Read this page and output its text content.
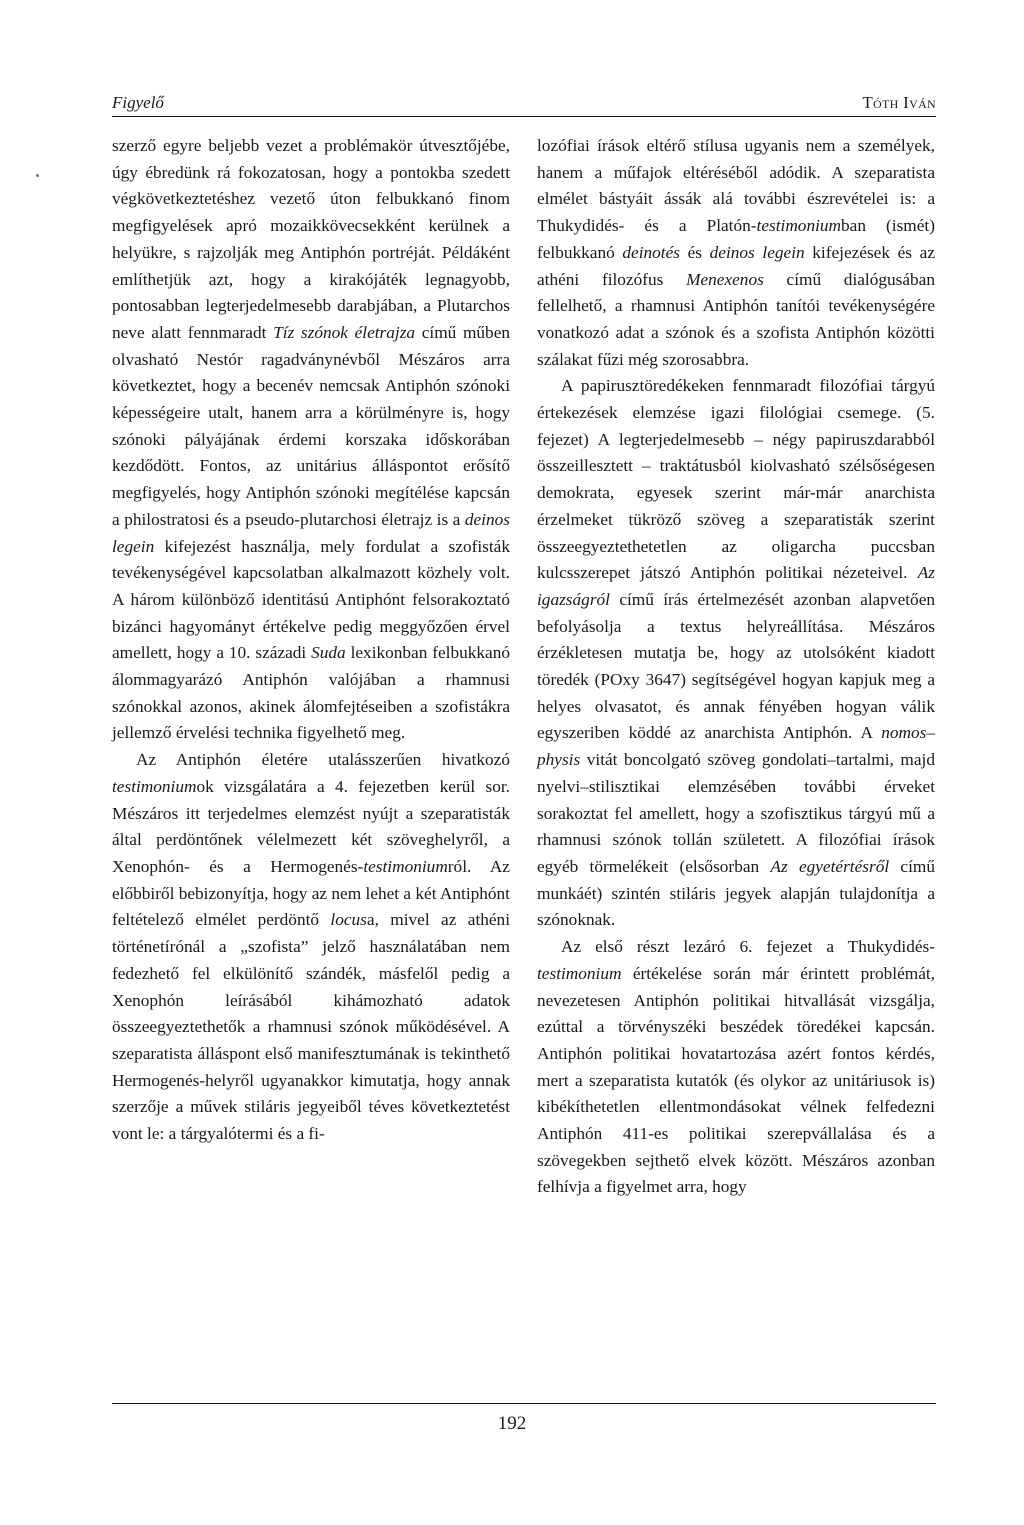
Figyelő	Tóth Iván

szerző egyre beljebb vezet a problémakör útvesztőjébe, úgy ébredünk rá fokozatosan, hogy a pontokba szedett végkövetkeztetéshez vezető úton felbukkanó finom megfigyelések apró mozaikkövecsekként kerülnek a helyükre, s rajzolják meg Antiphón portréját. Példáként említhetjük azt, hogy a kirakójáték legnagyobb, pontosabban legterjedelmesebb darabjában, a Plutarchos neve alatt fennmaradt Tíz szónok életrajza című műben olvasható Nestór ragadványnévből Mészáros arra következtet, hogy a becenév nemcsak Antiphón szónoki képességeire utalt, hanem arra a körülményre is, hogy szónoki pályájának érdemi korszaka időskorában kezdődött. Fontos, az unitárius álláspontot erősítő megfigyelés, hogy Antiphón szónoki megítélése kapcsán a philostratosi és a pseudo-plutarchosi életrajz is a deinos legein kifejezést használja, mely fordulat a szofisták tevékenységével kapcsolatban alkalmazott közhely volt. A három különböző identitású Antiphónt felsorakoztató bizánci hagyományt értékelve pedig meggyőzően érvel amellett, hogy a 10. századi Suda lexikonban felbukkanó álommagyarázó Antiphón valójában a rhamnusi szónokkal azonos, akinek álomfejtéseiben a szofistákra jellemző érvelési technika figyelhető meg.

Az Antiphón életére utalásszerűen hivatkozó testimoniumok vizsgálatára a 4. fejezetben kerül sor. Mészáros itt terjedelmes elemzést nyújt a szeparatisták által perdöntőnek vélelmezett két szöveghelyről, a Xenophón- és a Hermogenés-testimoniumról. Az előbbiről bebizonyítja, hogy az nem lehet a két Antiphónt feltételező elmélet perdöntő locusa, mivel az athéni történetírónál a „szofista” jelző használatában nem fedezhető fel elkülönítő szándék, másfelől pedig a Xenophón leírásából kihámozható adatok összeegyeztethetők a rhamnusi szónok működésével. A szeparatista álláspont első manifesztumának is tekinthető Hermogenés-helyről ugyanakkor kimutatja, hogy annak szerzője a művek stiláris jegyeiből téves következtetést vont le: a tárgyalótermi és a fi-

lozófiai írások eltérő stílusa ugyanis nem a személyek, hanem a műfajok eltéréséből adódik. A szeparatista elmélet bástyáit ássák alá további észrevételei is: a Thukydidés- és a Platón-testimoniumban (ismét) felbukkanó deinotés és deinos legein kifejezések és az athéni filozófus Menexenos című dialógusában fellelhető, a rhamnusi Antiphón tanítói tevékenységére vonatkozó adat a szónok és a szofista Antiphón közötti szálakat fűzi még szorosabbra.

A papirusztöredékeken fennmaradt filozófiai tárgyú értekezések elemzése igazi filológiai csemege. (5. fejezet) A legterjedelmesebb – négy papiruszdarabból összeillesztett – traktátusból kiolvasható szélsőségesen demokrata, egyesek szerint már-már anarchista érzelmeket tükröző szöveg a szeparatisták szerint összeegyeztethetetlen az oligarcha puccsban kulcsszerepet játszó Antiphón politikai nézeteivel. Az igazságról című írás értelmezését azonban alapvetően befolyásolja a textus helyreállítása. Mészáros érzékletesen mutatja be, hogy az utolsóként kiadott töredék (POxy 3647) segítségével hogyan kapjuk meg a helyes olvasatot, és annak fényében hogyan válik egyszeriben köddé az anarchista Antiphón. A nomos–physis vitát boncolgató szöveg gondolati–tartalmi, majd nyelvi–stilisztikai elemzésében további érveket sorakoztat fel amellett, hogy a szofisztikus tárgyú mű a rhamnusi szónok tollán született. A filozófiai írások egyéb törmelékeit (elsősorban Az egyetértésről című munkáét) szintén stiláris jegyek alapján tulajdonítja a szónoknak.

Az első részt lezáró 6. fejezet a Thukydidés-testimonium értékelése során már érintett problémát, nevezetesen Antiphón politikai hitvallását vizsgálja, ezúttal a törvényszéki beszédek töredékei kapcsán. Antiphón politikai hovatartozása azért fontos kérdés, mert a szeparatista kutatók (és olykor az unitáriusok is) kibékíthetetlen ellentmondásokat vélnek felfedezni Antiphón 411-es politikai szerepvállalása és a szövegekben sejthető elvek között. Mészáros azonban felhívja a figyelmet arra, hogy

192
